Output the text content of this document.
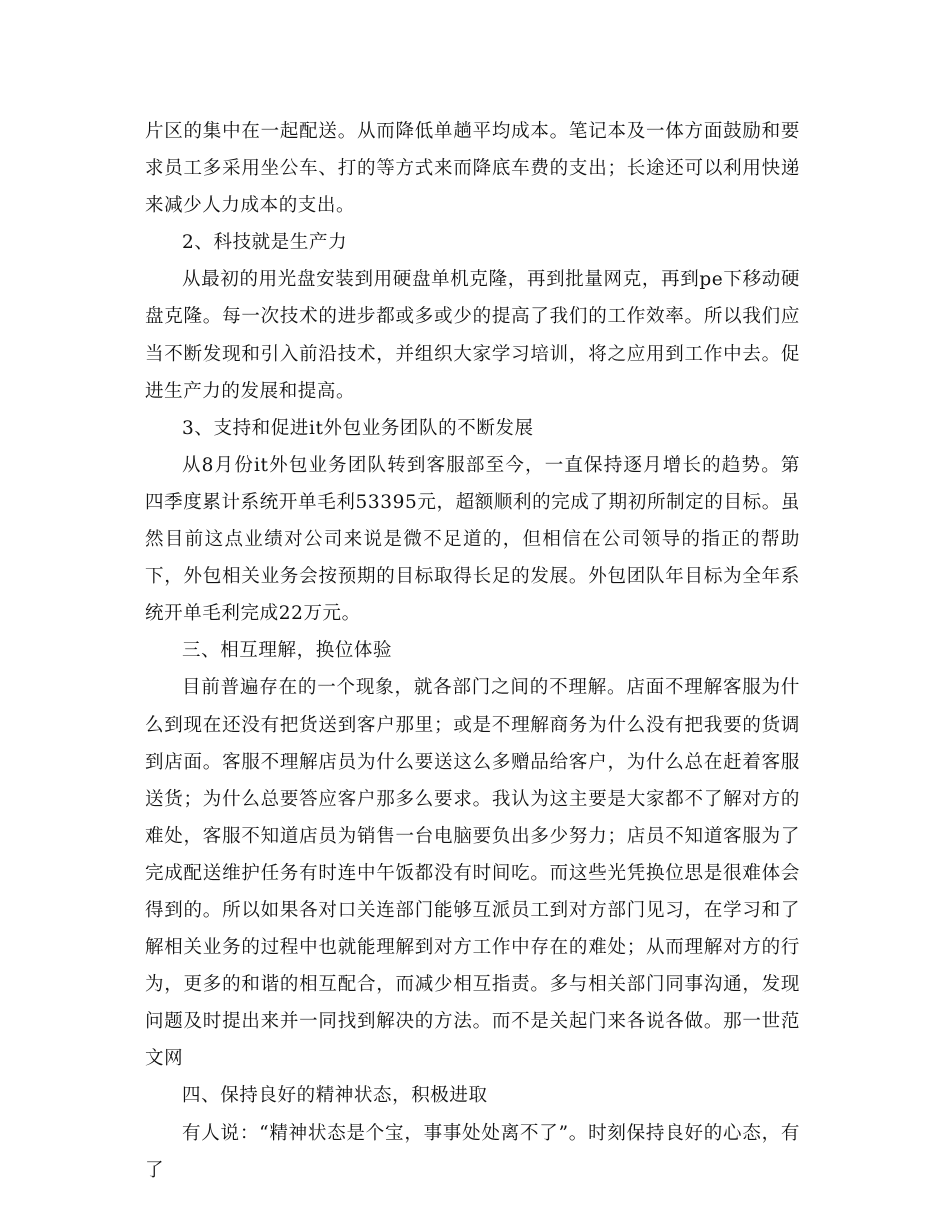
片区的集中在一起配送。从而降低单趟平均成本。笔记本及一体方面鼓励和要求员工多采用坐公车、打的等方式来而降底车费的支出；长途还可以利用快递来减少人力成本的支出。

2、科技就是生产力

从最初的用光盘安装到用硬盘单机克隆，再到批量网克，再到pe下移动硬盘克隆。每一次技术的进步都或多或少的提高了我们的工作效率。所以我们应当不断发现和引入前沿技术，并组织大家学习培训，将之应用到工作中去。促进生产力的发展和提高。

3、支持和促进it外包业务团队的不断发展

从8月份it外包业务团队转到客服部至今，一直保持逐月增长的趋势。第四季度累计系统开单毛利53395元，超额顺利的完成了期初所制定的目标。虽然目前这点业绩对公司来说是微不足道的，但相信在公司领导的指正的帮助下，外包相关业务会按预期的目标取得长足的发展。外包团队年目标为全年系统开单毛利完成22万元。

三、相互理解，换位体验

目前普遍存在的一个现象，就各部门之间的不理解。店面不理解客服为什么到现在还没有把货送到客户那里；或是不理解商务为什么没有把我要的货调到店面。客服不理解店员为什么要送这么多赠品给客户，为什么总在赶着客服送货；为什么总要答应客户那多么要求。我认为这主要是大家都不了解对方的难处，客服不知道店员为销售一台电脑要负出多少努力；店员不知道客服为了完成配送维护任务有时连中午饭都没有时间吃。而这些光凭换位思是很难体会得到的。所以如果各对口关连部门能够互派员工到对方部门见习，在学习和了解相关业务的过程中也就能理解到对方工作中存在的难处；从而理解对方的行为，更多的和谐的相互配合，而减少相互指责。多与相关部门同事沟通，发现问题及时提出来并一同找到解决的方法。而不是关起门来各说各做。那一世范文网

四、保持良好的精神状态，积极进取

有人说：“精神状态是个宝，事事处处离不了”。时刻保持良好的心态，有了
